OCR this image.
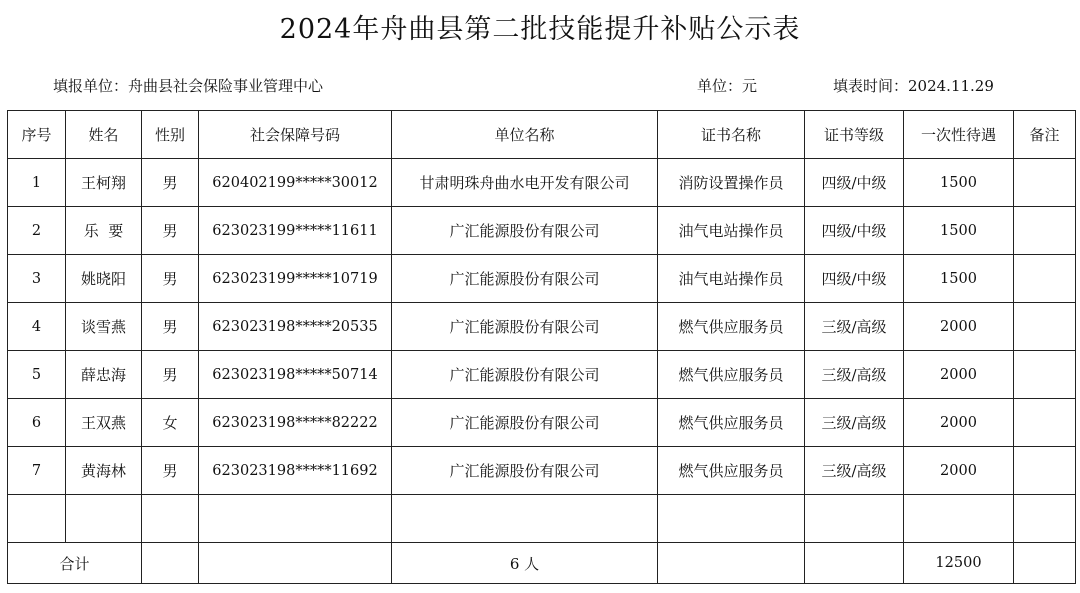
2024年舟曲县第二批技能提升补贴公示表
填报单位：舟曲县社会保险事业管理中心	单位：元	填表时间：2024.11.29
序号	姓名	性别	社会保障号码	单位名称	证书名称	证书等级	一次性待遇	备注
1	王柯翔	男	620402199*****30012	甘肃明珠舟曲水电开发有限公司	消防设置操作员	四级/中级	1500	
2	乐  要	男	623023199*****11611	广汇能源股份有限公司	油气电站操作员	四级/中级	1500	
3	姚晓阳	男	623023199*****10719	广汇能源股份有限公司	油气电站操作员	四级/中级	1500	
4	谈雪燕	男	623023198*****20535	广汇能源股份有限公司	燃气供应服务员	三级/高级	2000	
5	薛忠海	男	623023198*****50714	广汇能源股份有限公司	燃气供应服务员	三级/高级	2000	
6	王双燕	女	623023198*****82222	广汇能源股份有限公司	燃气供应服务员	三级/高级	2000	
7	黄海林	男	623023198*****11692	广汇能源股份有限公司	燃气供应服务员	三级/高级	2000	

合计				6 人			12500	
